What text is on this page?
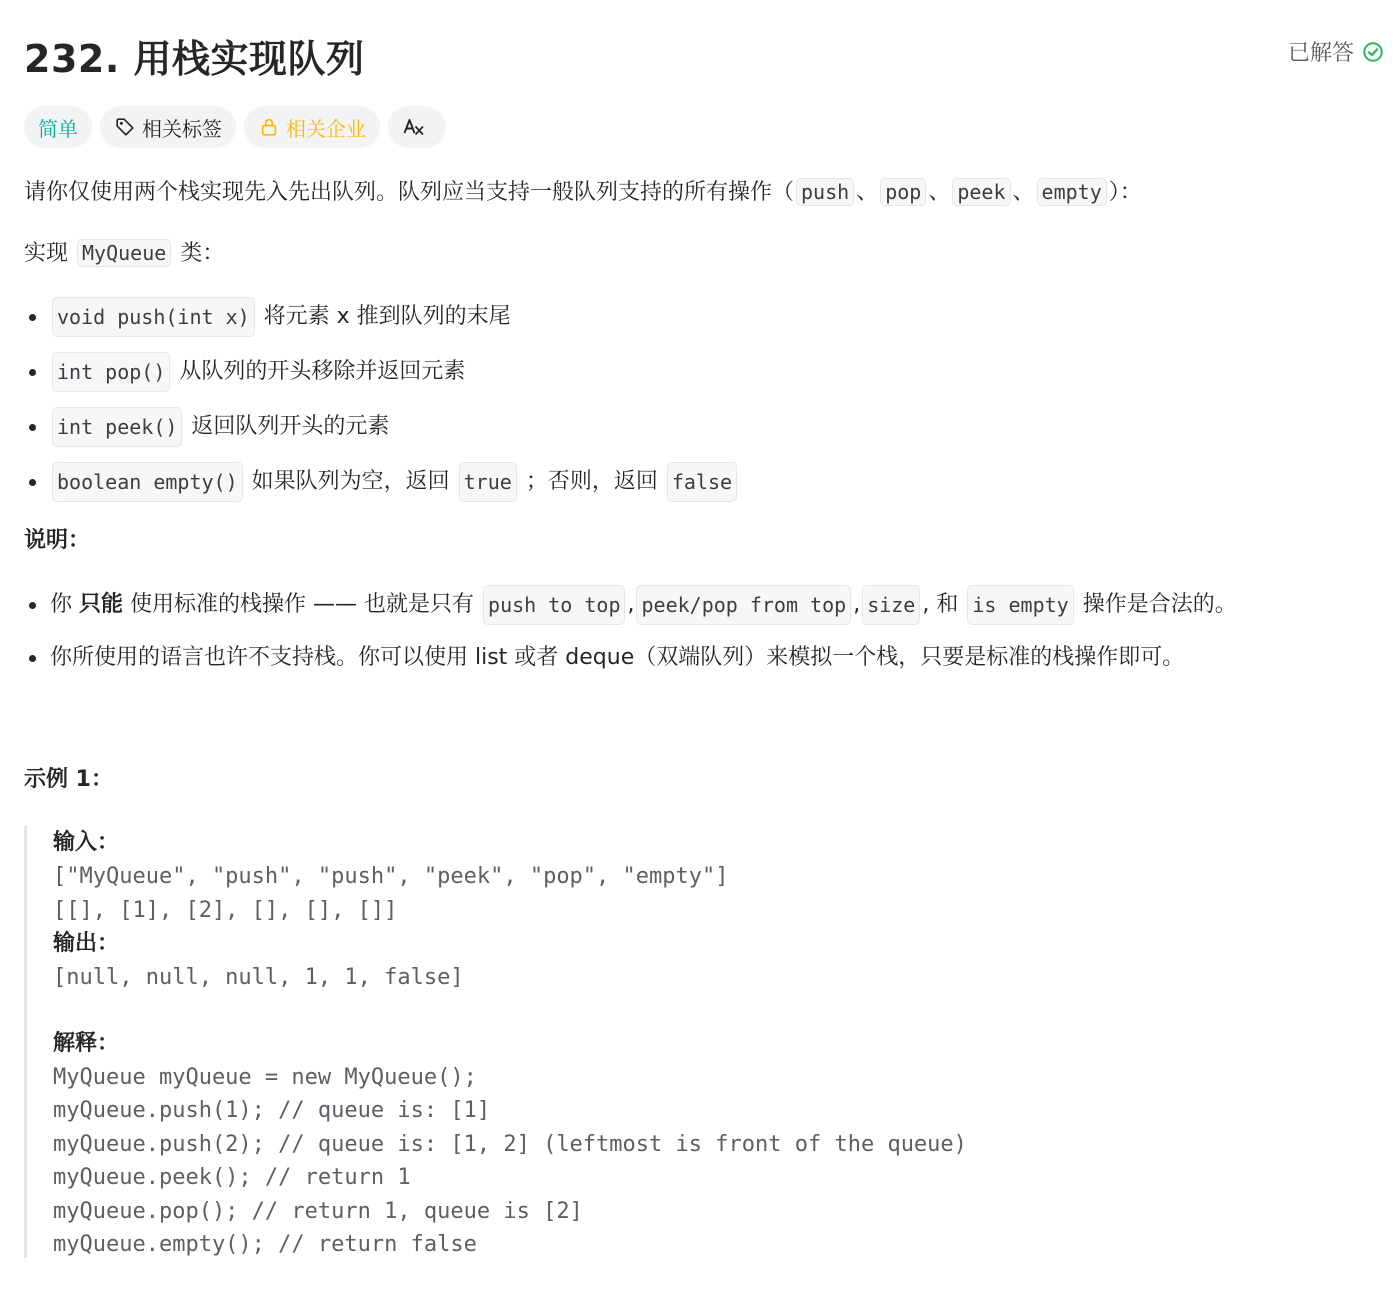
232. 用栈实现队列	已解答
简单	相关标签	相关企业
请你仅使用两个栈实现先入先出队列。队列应当支持一般队列支持的所有操作（ push 、 pop 、 peek 、 empty ）：
实现 MyQueue 类：
void push(int x)
将元素 x 推到队列的末尾
int pop()
从队列的开头移除并返回元素
int peek()
返回队列开头的元素
boolean empty()
如果队列为空，返回
true
；否则，返回
false
说明：
你
只能
使用标准的栈操作 —— 也就是只有
push to top , peek/pop from top , size ,
和
is empty
操作是合法的。
你所使用的语言也许不支持栈。你可以使用 list 或者 deque（双端队列）来模拟一个栈，只要是标准的栈操作即可。
示例 1：
输入：
["MyQueue", "push", "push", "peek", "pop", "empty"]
[[], [1], [2], [], [], []]
输出：
[null, null, null, 1, 1, false]
解释：
MyQueue myQueue = new MyQueue();
myQueue.push(1); // queue is: [1]
myQueue.push(2); // queue is: [1, 2] (leftmost is front of the queue)
myQueue.peek(); // return 1
myQueue.pop(); // return 1, queue is [2]
myQueue.empty(); // return false
